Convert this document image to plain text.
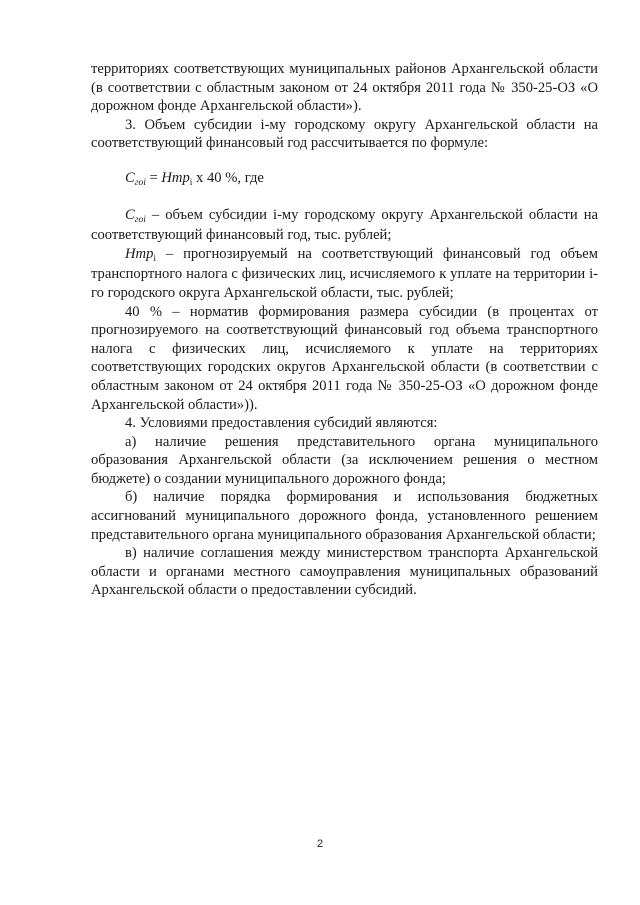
территориях соответствующих муниципальных районов Архангельской области (в соответствии с областным законом от 24 октября 2011 года № 350-25-ОЗ «О дорожном фонде Архангельской области»).

3. Объем субсидии i-му городскому округу Архангельской области на соответствующий финансовый год рассчитывается по формуле:

$C_{гoi} = Нтр_i$ х 40 %, где

$C_{гoi}$ – объем субсидии i-му городскому округу Архангельской области на соответствующий финансовый год, тыс. рублей;

Нтр$_i$ – прогнозируемый на соответствующий финансовый год объем транспортного налога с физических лиц, исчисляемого к уплате на территории i-го городского округа Архангельской области, тыс. рублей;

40 % – норматив формирования размера субсидии (в процентах от прогнозируемого на соответствующий финансовый год объема транспортного налога с физических лиц, исчисляемого к уплате на территориях соответствующих городских округов Архангельской области (в соответствии с областным законом от 24 октября 2011 года № 350-25-ОЗ «О дорожном фонде Архангельской области»)).

4. Условиями предоставления субсидий являются:

а) наличие решения представительного органа муниципального образования Архангельской области (за исключением решения о местном бюджете) о создании муниципального дорожного фонда;

б) наличие порядка формирования и использования бюджетных ассигнований муниципального дорожного фонда, установленного решением представительного органа муниципального образования Архангельской области;

в) наличие соглашения между министерством транспорта Архангельской области и органами местного самоуправления муниципальных образований Архангельской области о предоставлении субсидий.

2
